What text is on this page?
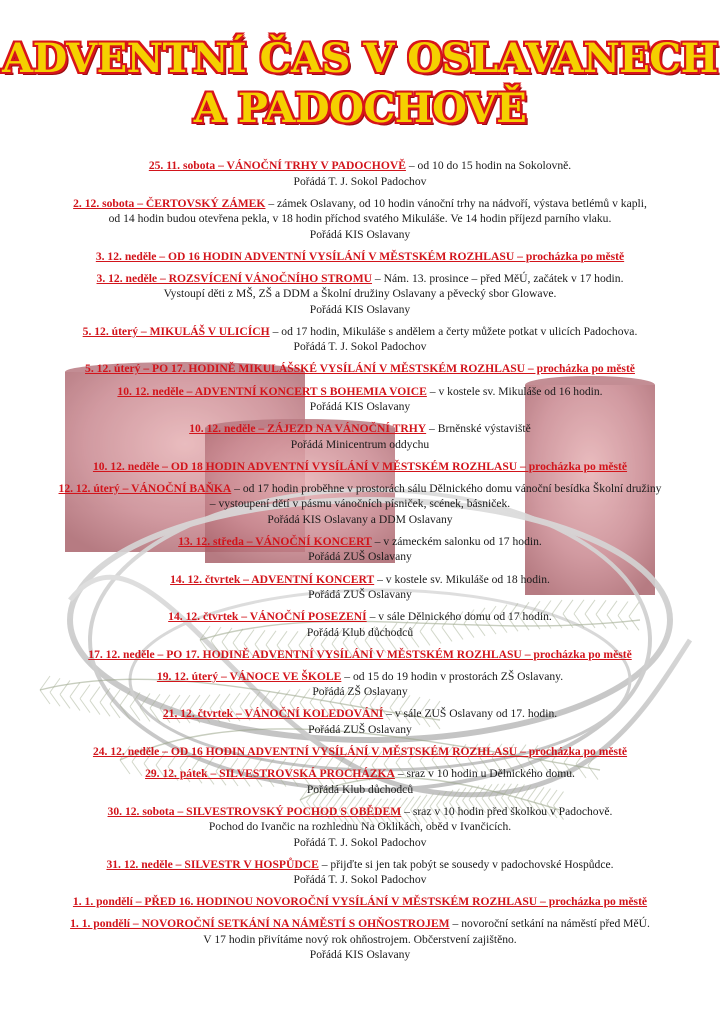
ADVENTNÍ ČAS V OSLAVANECH
A PADOCHOVĚ
25. 11. sobota – VÁNOČNÍ TRHY V PADOCHOVĚ – od 10 do 15 hodin na Sokolovně.
Pořádá T. J. Sokol Padochov
2. 12. sobota – ČERTOVSKÝ ZÁMEK – zámek Oslavany, od 10 hodin vánoční trhy na nádvoří, výstava betlémů v kapli,
od 14 hodin budou otevřena pekla, v 18 hodin příchod svatého Mikuláše. Ve 14 hodin příjezd parního vlaku.
Pořádá KIS Oslavany
3. 12. neděle – OD 16 HODIN ADVENTNÍ VYSÍLÁNÍ V MĚSTSKÉM ROZHLASU – procházka po městě
3. 12. neděle – ROZSVÍCENÍ VÁNOČNÍHO STROMU – Nám. 13. prosince – před MěÚ, začátek v 17 hodin.
Vystoupí děti z MŠ, ZŠ a DDM a Školní družiny Oslavany a pěvecký sbor Glowave.
Pořádá KIS Oslavany
5. 12. úterý – MIKULÁŠ V ULICÍCH – od 17 hodin, Mikuláše s andělem a čerty můžete potkat v ulicích Padochova.
Pořádá T. J. Sokol Padochov
5. 12. úterý – PO 17. HODINĚ MIKULÁŠSKÉ VYSÍLÁNÍ V MĚSTSKÉM ROZHLASU – procházka po městě
10. 12. neděle – ADVENTNÍ KONCERT S BOHEMIA VOICE – v kostele sv. Mikuláše od 16 hodin.
Pořádá KIS Oslavany
10. 12. neděle – ZÁJEZD NA VÁNOČNÍ TRHY – Brněnské výstaviště
Pořádá Minicentrum oddychu
10. 12. neděle – OD 18 HODIN ADVENTNÍ VYSÍLÁNÍ V MĚSTSKÉM ROZHLASU – procházka po městě
12. 12. úterý – VÁNOČNÍ BAŇKA – od 17 hodin proběhne v prostorách sálu Dělnického domu vánoční besídka Školní družiny
– vystoupení dětí v pásmu vánočních písniček, scének, básniček.
Pořádá KIS Oslavany a DDM Oslavany
13. 12. středa – VÁNOČNÍ KONCERT – v zámeckém salonku od 17 hodin.
Pořádá ZUŠ Oslavany
14. 12. čtvrtek – ADVENTNÍ KONCERT – v kostele sv. Mikuláše od 18 hodin.
Pořádá ZUŠ Oslavany
14. 12. čtvrtek – VÁNOČNÍ POSEZENÍ – v sále Dělnického domu od 17 hodin.
Pořádá Klub důchodců
17. 12. neděle – PO 17. HODINĚ ADVENTNÍ VYSÍLÁNÍ V MĚSTSKÉM ROZHLASU – procházka po městě
19. 12. úterý – VÁNOCE VE ŠKOLE – od 15 do 19 hodin v prostorách ZŠ Oslavany.
Pořádá ZŠ Oslavany
21. 12. čtvrtek – VÁNOČNÍ KOLEDOVÁNÍ – v sále ZUŠ Oslavany od 17. hodin.
Pořádá ZUŠ Oslavany
24. 12. neděle – OD 16 HODIN ADVENTNÍ VYSÍLÁNÍ V MĚSTSKÉM ROZHLASU – procházka po městě
29. 12. pátek – SILVESTROVSKÁ PROCHÁZKA – sraz v 10 hodin u Dělnického domu.
Pořádá Klub důchodců
30. 12. sobota – SILVESTROVSKÝ POCHOD S OBĚDEM – sraz v 10 hodin před školkou v Padochově.
Pochod do Ivančic na rozhlednu Na Oklikách, oběd v Ivančicích.
Pořádá T. J. Sokol Padochov
31. 12. neděle – SILVESTR V HOSPŮDCE – přijďte si jen tak pobýt se sousedy v padochovské Hospůdce.
Pořádá T. J. Sokol Padochov
1. 1. pondělí – PŘED 16. HODINOU NOVOROČNÍ VYSÍLÁNÍ V MĚSTSKÉM ROZHLASU – procházka po městě
1. 1. pondělí – NOVOROČNÍ SETKÁNÍ NA NÁMĚSTÍ S OHŇOSTROJEM – novoroční setkání na náměstí před MěÚ.
V 17 hodin přivítáme nový rok ohňostrojem. Občerstvení zajištěno.
Pořádá KIS Oslavany
